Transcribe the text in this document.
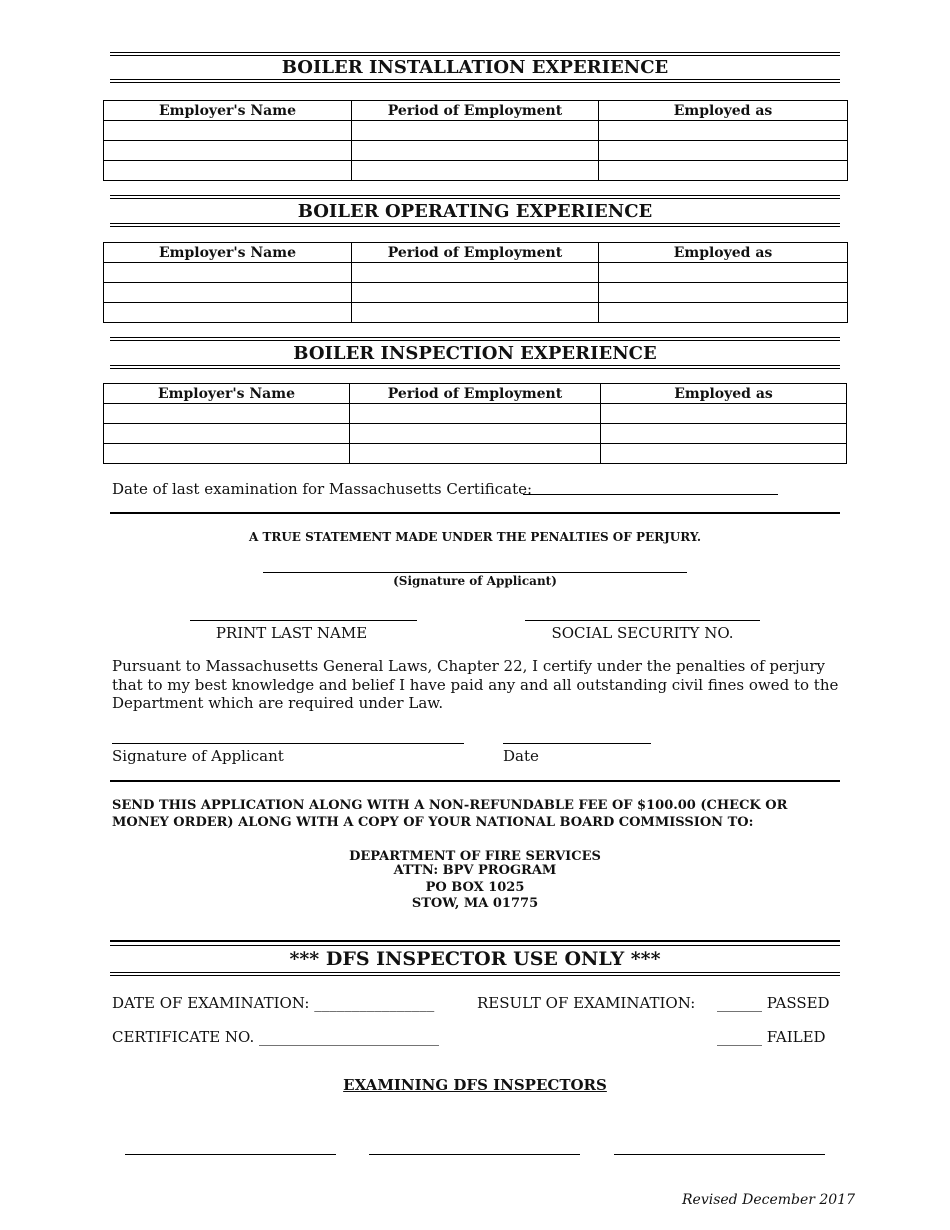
BOILER INSTALLATION EXPERIENCE
Employer's Name	Period of Employment	Employed as

BOILER OPERATING EXPERIENCE
Employer's Name	Period of Employment	Employed as

BOILER INSPECTION EXPERIENCE
Employer's Name	Period of Employment	Employed as

Date of last examination for Massachusetts Certificate:
A TRUE STATEMENT MADE UNDER THE PENALTIES OF PERJURY.
(Signature of Applicant)
PRINT LAST NAME	SOCIAL SECURITY NO.
Pursuant to Massachusetts General Laws, Chapter 22, I certify under the penalties of perjury
that to my best knowledge and belief I have paid any and all outstanding civil fines owed to the
Department which are required under Law.
Signature of Applicant	Date
SEND THIS APPLICATION ALONG WITH A NON-REFUNDABLE FEE OF $100.00 (CHECK OR
MONEY ORDER) ALONG WITH A COPY OF YOUR NATIONAL BOARD COMMISSION TO:
DEPARTMENT OF FIRE SERVICES
ATTN: BPV PROGRAM
PO BOX 1025
STOW, MA 01775
*** DFS INSPECTOR USE ONLY ***
DATE OF EXAMINATION: ________________	RESULT OF EXAMINATION: ______ PASSED
CERTIFICATE NO. ________________________	______ FAILED
EXAMINING DFS INSPECTORS
Revised December 2017
